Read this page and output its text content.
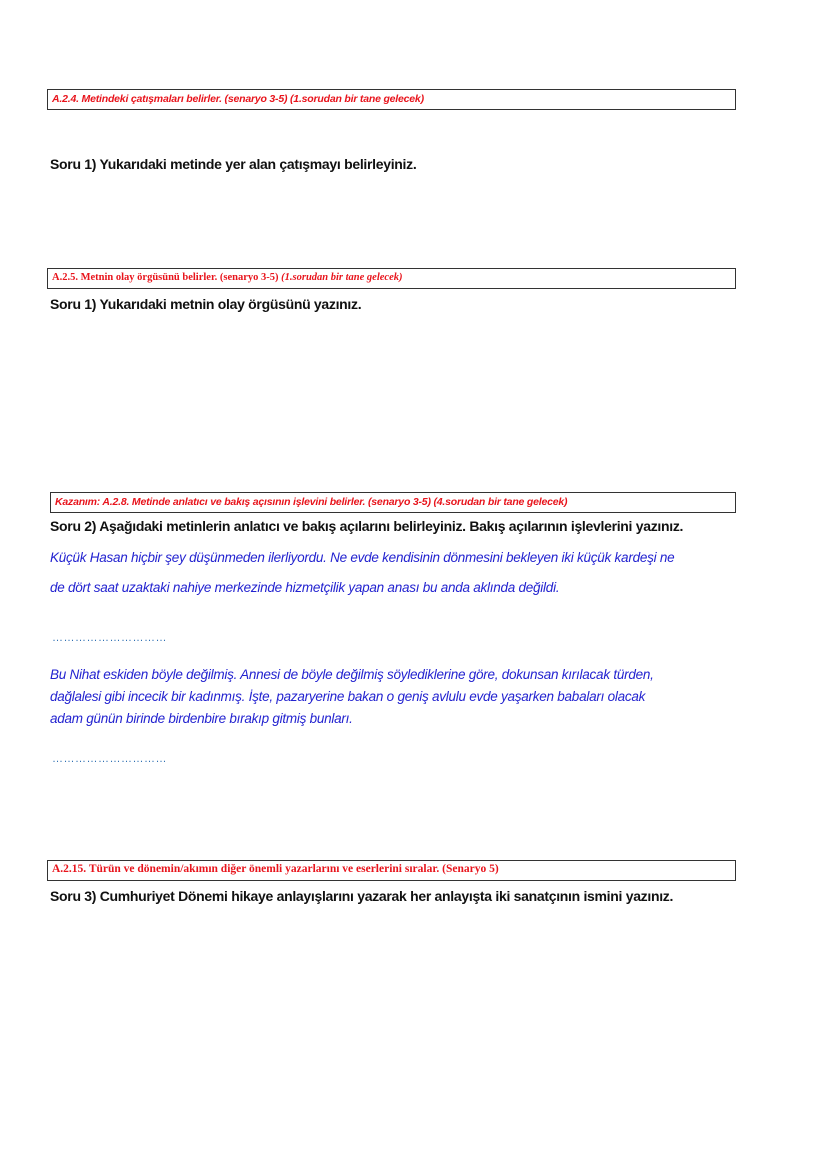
A.2.4. Metindeki çatışmaları belirler. (senaryo 3-5) (1.sorudan bir tane gelecek)
Soru 1) Yukarıdaki metinde yer alan çatışmayı belirleyiniz.
A.2.5. Metnin olay örgüsünü belirler. (senaryo 3-5) (1.sorudan bir tane gelecek)
Soru 1) Yukarıdaki metnin olay örgüsünü yazınız.
Kazanım: A.2.8. Metinde anlatıcı ve bakış açısının işlevini belirler. (senaryo 3-5) (4.sorudan bir tane gelecek)
Soru 2) Aşağıdaki metinlerin anlatıcı ve bakış açılarını belirleyiniz. Bakış açılarının işlevlerini yazınız.
Küçük Hasan hiçbir şey düşünmeden ilerliyordu. Ne evde kendisinin dönmesini bekleyen iki küçük kardeşi ne
de dört saat uzaktaki nahiye merkezinde hizmetçilik yapan anası bu anda aklında değildi.
…………………………
Bu Nihat eskiden böyle değilmiş. Annesi de böyle değilmiş söylediklerine göre, dokunsan kırılacak türden,
dağlalesi gibi incecik bir kadınmış. İşte, pazaryerine bakan o geniş avlulu evde yaşarken babaları olacak
adam günün birinde birdenbire bırakıp gitmiş bunları.
…………………………
A.2.15. Türün ve dönemin/akımın diğer önemli yazarlarını ve eserlerini sıralar. (Senaryo 5)
Soru 3) Cumhuriyet Dönemi hikaye anlayışlarını yazarak her anlayışta iki sanatçının ismini yazınız.
